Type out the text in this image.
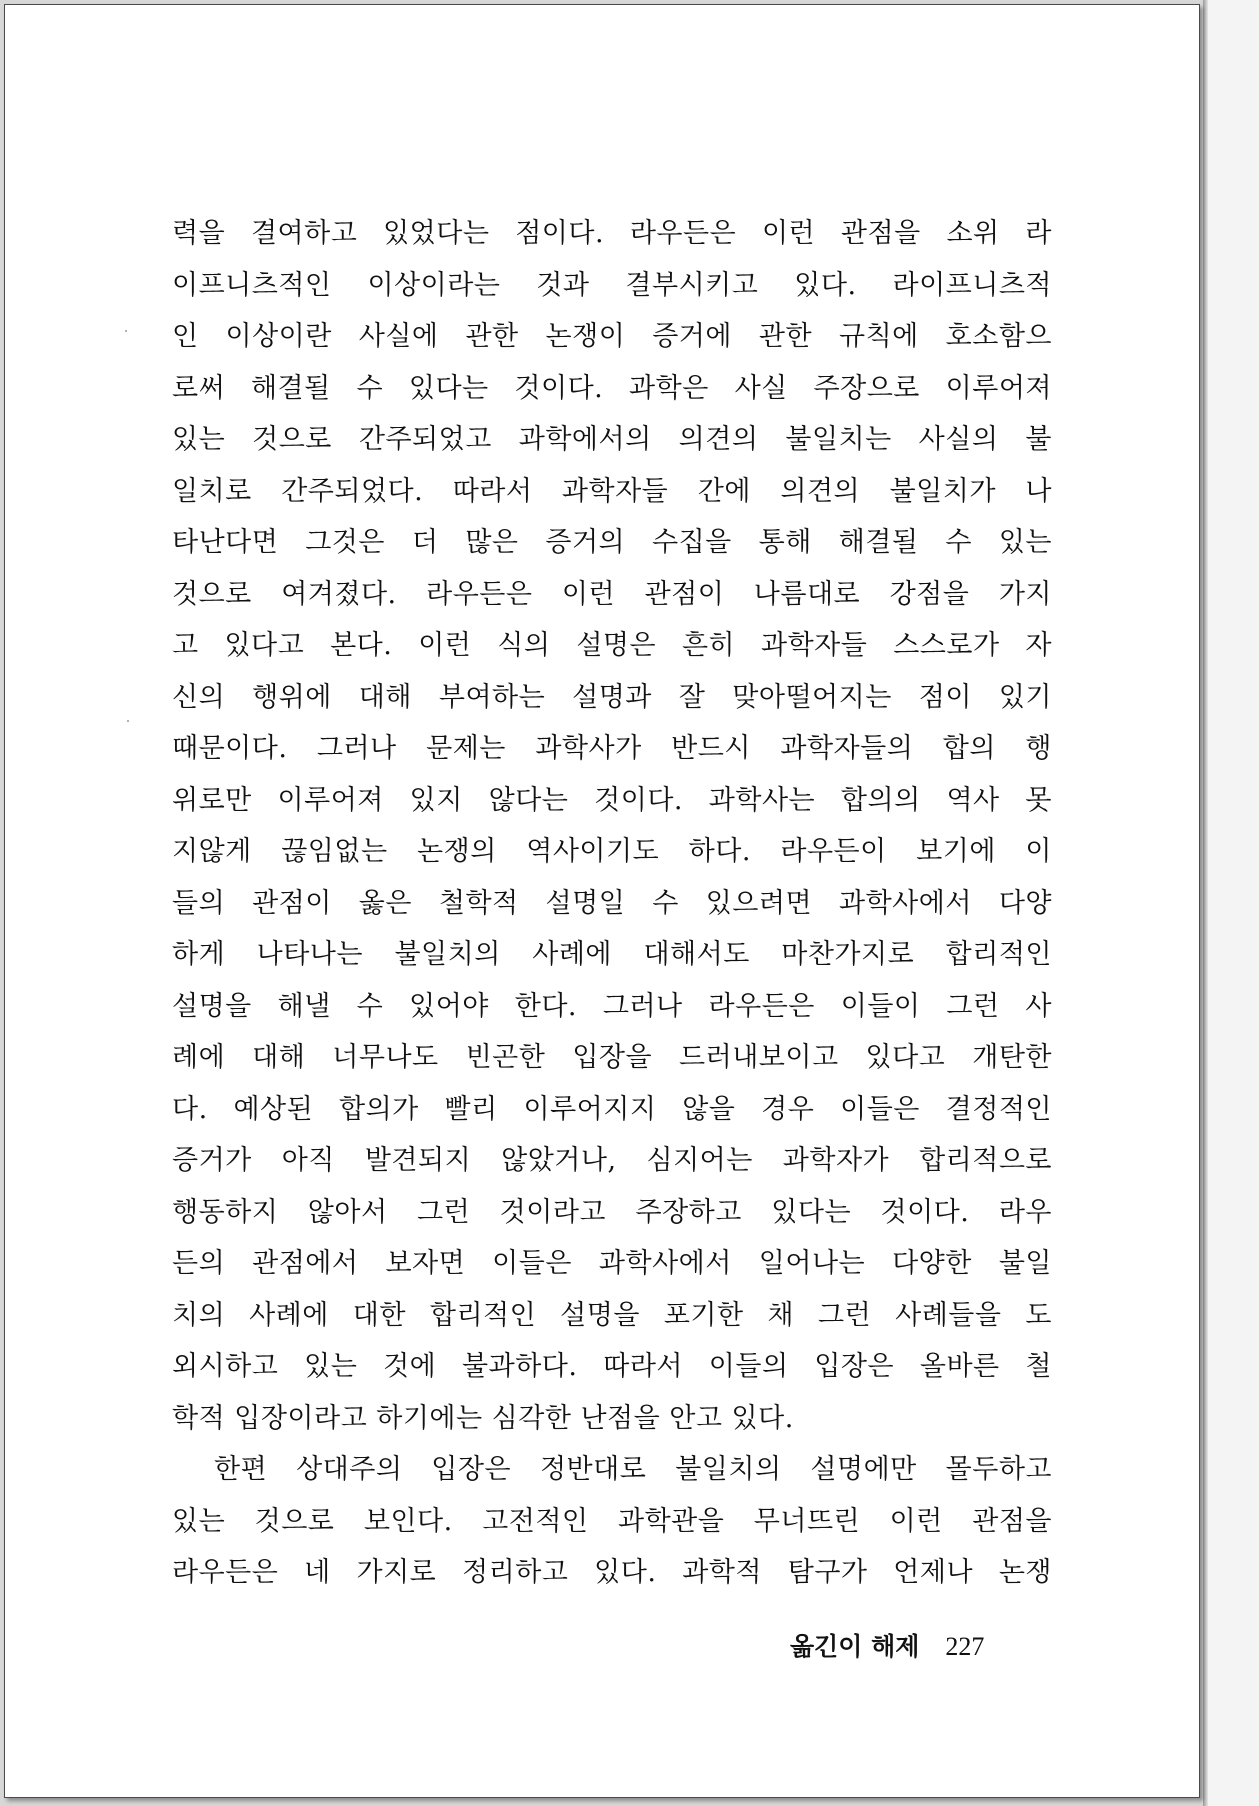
력을 결여하고 있었다는 점이다. 라우든은 이런 관점을 소위 라
이프니츠적인 이상이라는 것과 결부시키고 있다. 라이프니츠적
인 이상이란 사실에 관한 논쟁이 증거에 관한 규칙에 호소함으
로써 해결될 수 있다는 것이다. 과학은 사실 주장으로 이루어져
있는 것으로 간주되었고 과학에서의 의견의 불일치는 사실의 불
일치로 간주되었다. 따라서 과학자들 간에 의견의 불일치가 나
타난다면 그것은 더 많은 증거의 수집을 통해 해결될 수 있는
것으로 여겨졌다. 라우든은 이런 관점이 나름대로 강점을 가지
고 있다고 본다. 이런 식의 설명은 흔히 과학자들 스스로가 자
신의 행위에 대해 부여하는 설명과 잘 맞아떨어지는 점이 있기
때문이다. 그러나 문제는 과학사가 반드시 과학자들의 합의 행
위로만 이루어져 있지 않다는 것이다. 과학사는 합의의 역사 못
지않게 끊임없는 논쟁의 역사이기도 하다. 라우든이 보기에 이
들의 관점이 옳은 철학적 설명일 수 있으려면 과학사에서 다양
하게 나타나는 불일치의 사례에 대해서도 마찬가지로 합리적인
설명을 해낼 수 있어야 한다. 그러나 라우든은 이들이 그런 사
례에 대해 너무나도 빈곤한 입장을 드러내보이고 있다고 개탄한
다. 예상된 합의가 빨리 이루어지지 않을 경우 이들은 결정적인
증거가 아직 발견되지 않았거나, 심지어는 과학자가 합리적으로
행동하지 않아서 그런 것이라고 주장하고 있다는 것이다. 라우
든의 관점에서 보자면 이들은 과학사에서 일어나는 다양한 불일
치의 사례에 대한 합리적인 설명을 포기한 채 그런 사례들을 도
외시하고 있는 것에 불과하다. 따라서 이들의 입장은 올바른 철
학적 입장이라고 하기에는 심각한 난점을 안고 있다.
한편 상대주의 입장은 정반대로 불일치의 설명에만 몰두하고
있는 것으로 보인다. 고전적인 과학관을 무너뜨린 이런 관점을
라우든은 네 가지로 정리하고 있다. 과학적 탐구가 언제나 논쟁
옮긴이 해제 227
